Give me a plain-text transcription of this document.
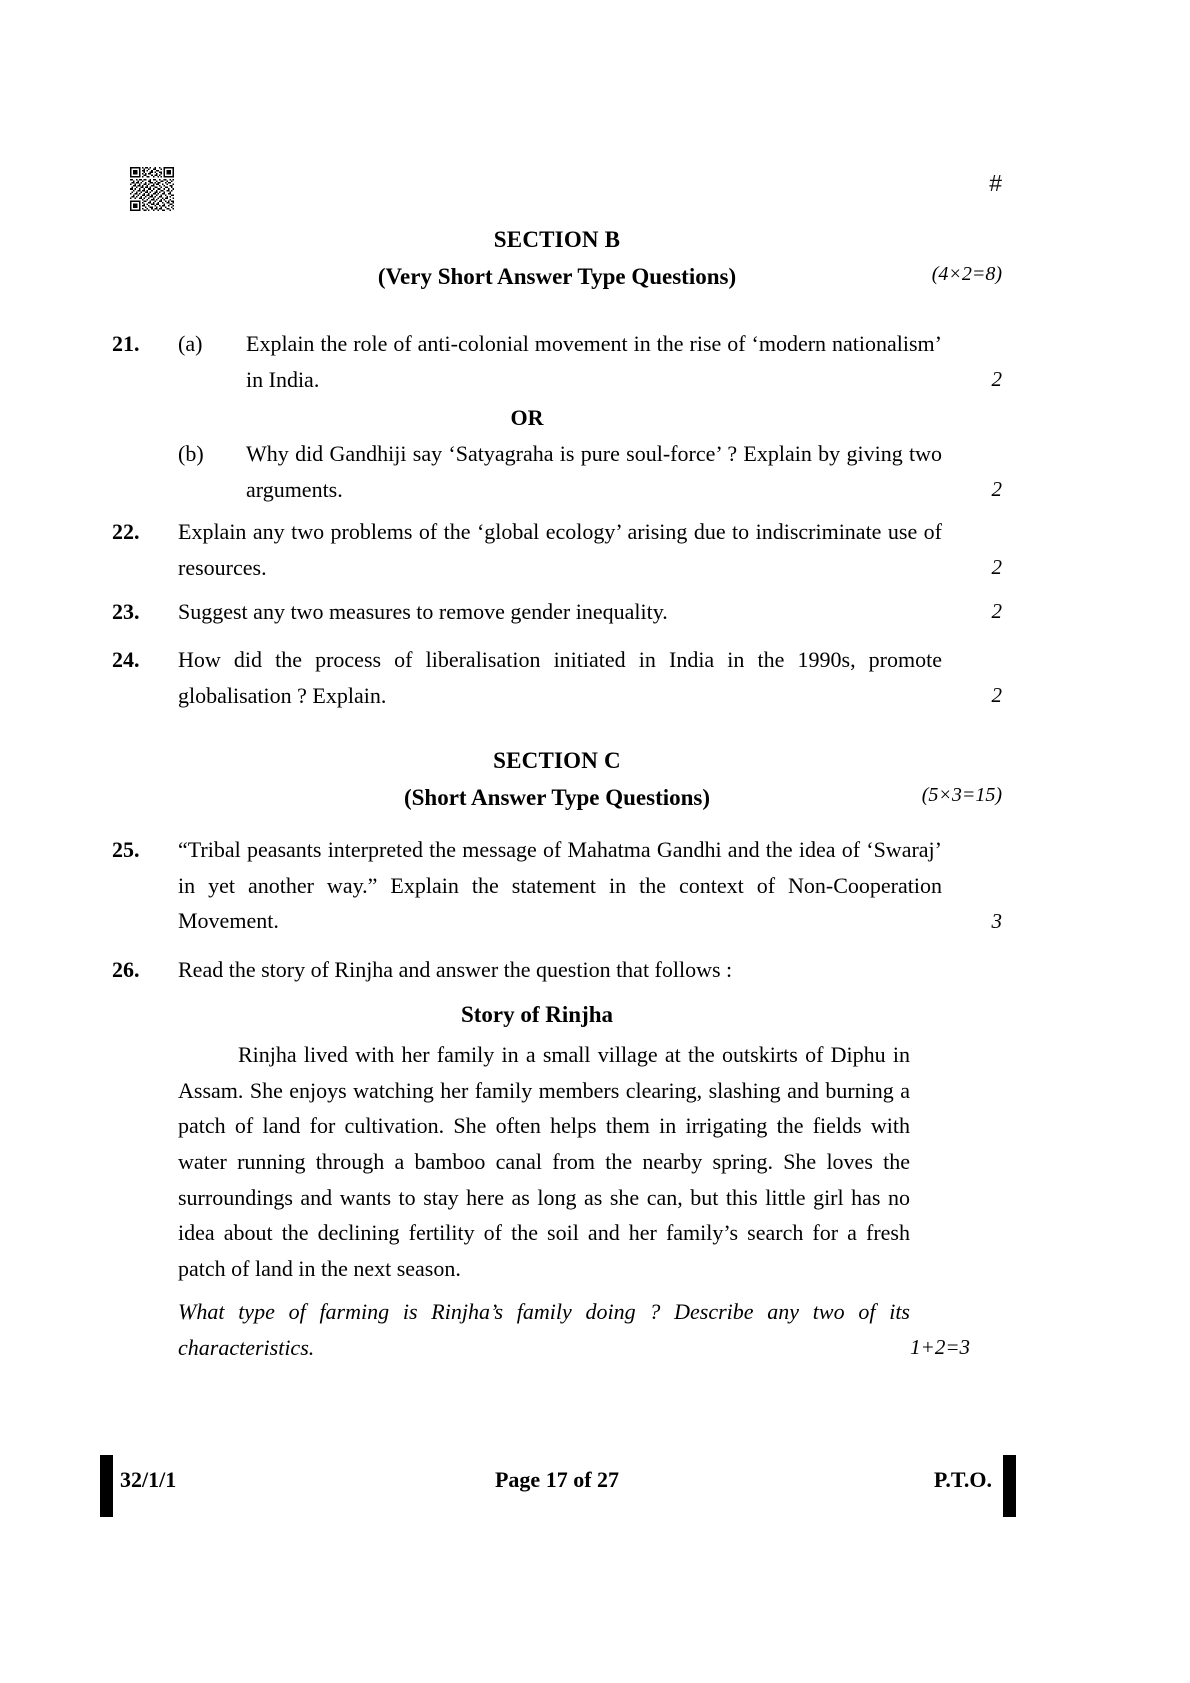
#
SECTION B
(Very Short Answer Type Questions)	(4×2=8)
21.	(a)	Explain the role of anti-colonial movement in the rise of ‘modern nationalism’ in India.	2
OR
(b)	Why did Gandhiji say ‘Satyagraha is pure soul-force’ ? Explain by giving two arguments.	2
22.	Explain any two problems of the ‘global ecology’ arising due to indiscriminate use of resources.	2
23.	Suggest any two measures to remove gender inequality.	2
24.	How did the process of liberalisation initiated in India in the 1990s, promote globalisation ? Explain.	2
SECTION C
(Short Answer Type Questions)	(5×3=15)
25.	“Tribal peasants interpreted the message of Mahatma Gandhi and the idea of ‘Swaraj’ in yet another way.” Explain the statement in the context of Non-Cooperation Movement.	3
26.	Read the story of Rinjha and answer the question that follows :

Story of Rinjha

Rinjha lived with her family in a small village at the outskirts of Diphu in Assam. She enjoys watching her family members clearing, slashing and burning a patch of land for cultivation. She often helps them in irrigating the fields with water running through a bamboo canal from the nearby spring. She loves the surroundings and wants to stay here as long as she can, but this little girl has no idea about the declining fertility of the soil and her family’s search for a fresh patch of land in the next season.

What type of farming is Rinjha’s family doing ? Describe any two of its characteristics.	1+2=3
32/1/1	Page 17 of 27	P.T.O.
